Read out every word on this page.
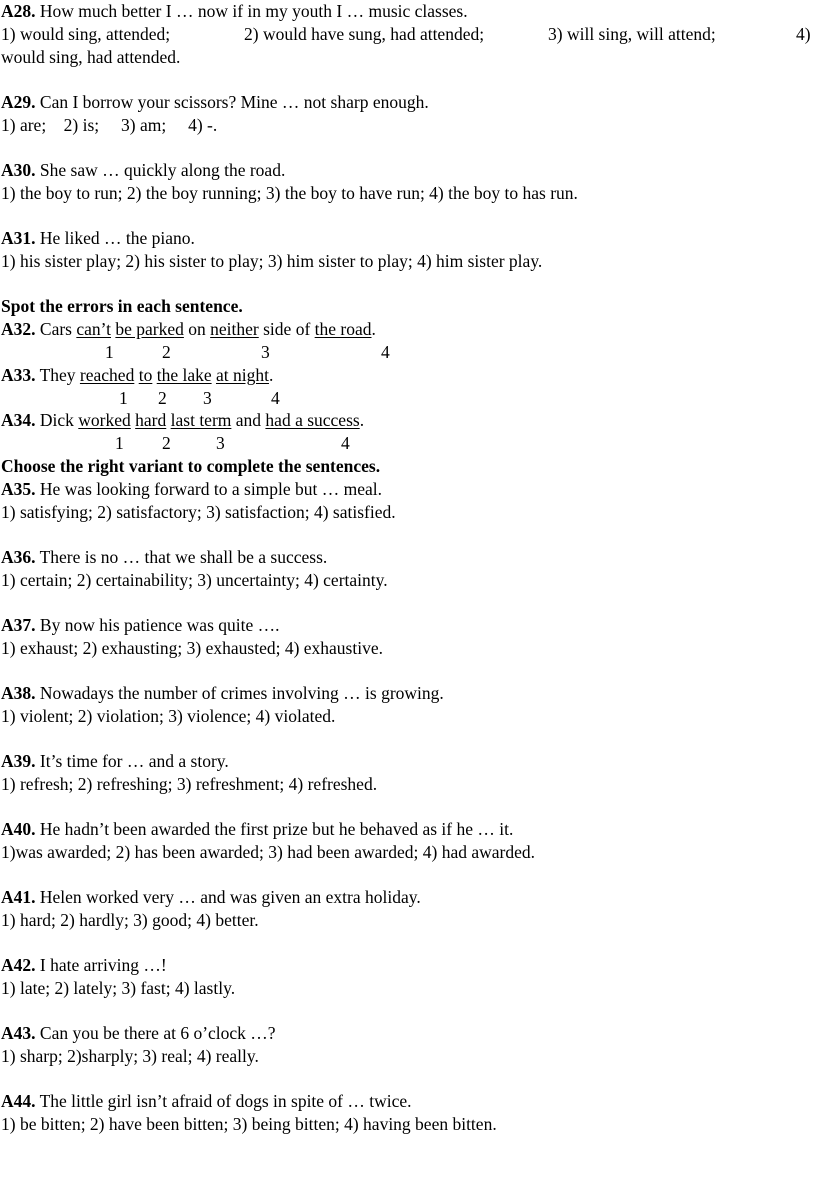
A28. How much better I … now if in my youth I … music classes.
1) would sing, attended;	2) would have sung, had attended;	3) will sing, will attend;	4)
would sing, had attended.
A29. Can I borrow your scissors? Mine … not sharp enough.
1) are;    2) is;     3) am;     4) -.
A30. She saw … quickly along the road.
1) the boy to run; 2) the boy running; 3) the boy to have run; 4) the boy to has run.
A31. He liked … the piano.
1) his sister play; 2) his sister to play; 3) him sister to play; 4) him sister play.
Spot the errors in each sentence.
A32. Cars can’t be parked on neither side of the road.
1	2	3	4
A33. They reached to the lake at night.
1 2 3	4
A34. Dick worked hard last term and had a success.
1 2	3	4
Choose the right variant to complete the sentences.
A35. He was looking forward to a simple but … meal.
1) satisfying; 2) satisfactory; 3) satisfaction; 4) satisfied.
A36. There is no … that we shall be a success.
1) certain; 2) certainability; 3) uncertainty; 4) certainty.
A37. By now his patience was quite ….
1) exhaust; 2) exhausting; 3) exhausted; 4) exhaustive.
A38. Nowadays the number of crimes involving … is growing.
1) violent; 2) violation; 3) violence; 4) violated.
A39. It’s time for … and a story.
1) refresh; 2) refreshing; 3) refreshment; 4) refreshed.
A40. He hadn’t been awarded the first prize but he behaved as if he … it.
1)was awarded; 2) has been awarded; 3) had been awarded; 4) had awarded.
A41. Helen worked very … and was given an extra holiday.
1) hard; 2) hardly; 3) good; 4) better.
A42. I hate arriving …!
1) late; 2) lately; 3) fast; 4) lastly.
A43. Can you be there at 6 o’clock …?
1) sharp; 2)sharply; 3) real; 4) really.
A44. The little girl isn’t afraid of dogs in spite of … twice.
1) be bitten; 2) have been bitten; 3) being bitten; 4) having been bitten.
